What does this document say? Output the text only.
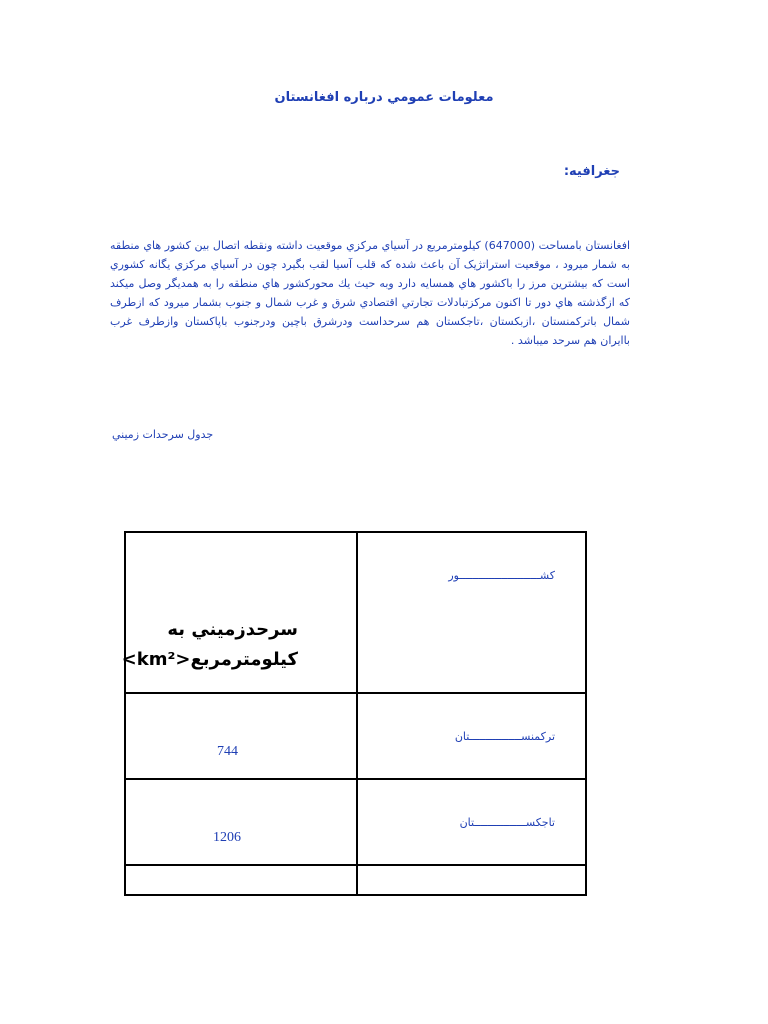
معلومات عمومي درباره افغانستان
جغرافيه:

افغانستان بامساحت (647000) كيلومترمربع در آسياي مركزي موقعيت داشته ونقطه اتصال بين كشور هاي منطقه به شمار ميرود ، موقعيت استراتژيک آن باعث شده که قلب آسيا لقب بگيرد چون در آسياي مركزي يگانه كشوري است كه بيشترين مرز را باكشور هاي همسايه دارد وبه حيث يك محوركشور هاي منطقه را به همديگر وصل ميكند كه ازگذشته هاي دور تا اكنون مركزتبادلات تجارتي اقتصادي شرق و غرب شمال و جنوب بشمار ميرود كه ازطرف شمال باترکمنستان ،ازبكستان ،تاجكستان هم سرحداست ودرشرق باچين ودرجنوب باپاكستان وازطرف غرب باايران هم سرحد ميباشد .

جدول سرحدات زميني
سرحدزميني به
كيلومترمربع<km²>	كشـــــــــــــــــــــــــور

744	تركمنســــــــــــــــتان

1206	تاجكســــــــــــــــتان
